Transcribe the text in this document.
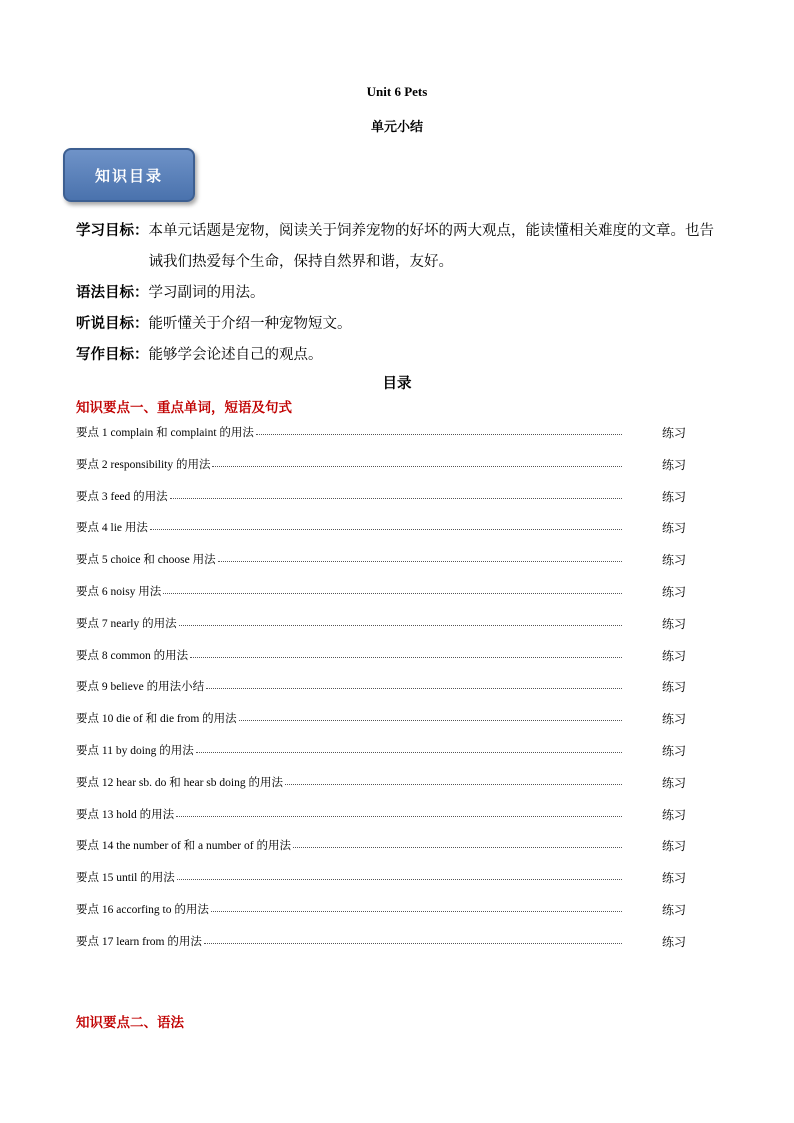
Unit 6 Pets
单元小结
知识目录
学习目标： 本单元话题是宠物，阅读关于饲养宠物的好坏的两大观点，能读懂相关难度的文章。也告诫我们热爱每个生命，保持自然界和谐，友好。
语法目标： 学习副词的用法。
听说目标： 能听懂关于介绍一种宠物短文。
写作目标： 能够学会论述自己的观点。
目录
知识要点一、重点单词，短语及句式
要点 1 complain 和 complaint 的用法	练习
要点 2 responsibility 的用法	练习
要点 3 feed 的用法	练习
要点 4 lie 用法	练习
要点 5 choice 和 choose 用法	练习
要点 6 noisy 用法	练习
要点 7 nearly 的用法	练习
要点 8 common 的用法	练习
要点 9 believe 的用法小结	练习
要点 10 die of 和 die from 的用法	练习
要点 11 by doing 的用法	练习
要点 12 hear sb. do 和 hear sb doing 的用法	练习
要点 13 hold 的用法	练习
要点 14 the number of 和 a number of 的用法	练习
要点 15 until 的用法	练习
要点 16 accorfing to 的用法	练习
要点 17 learn from 的用法	练习
知识要点二、语法
